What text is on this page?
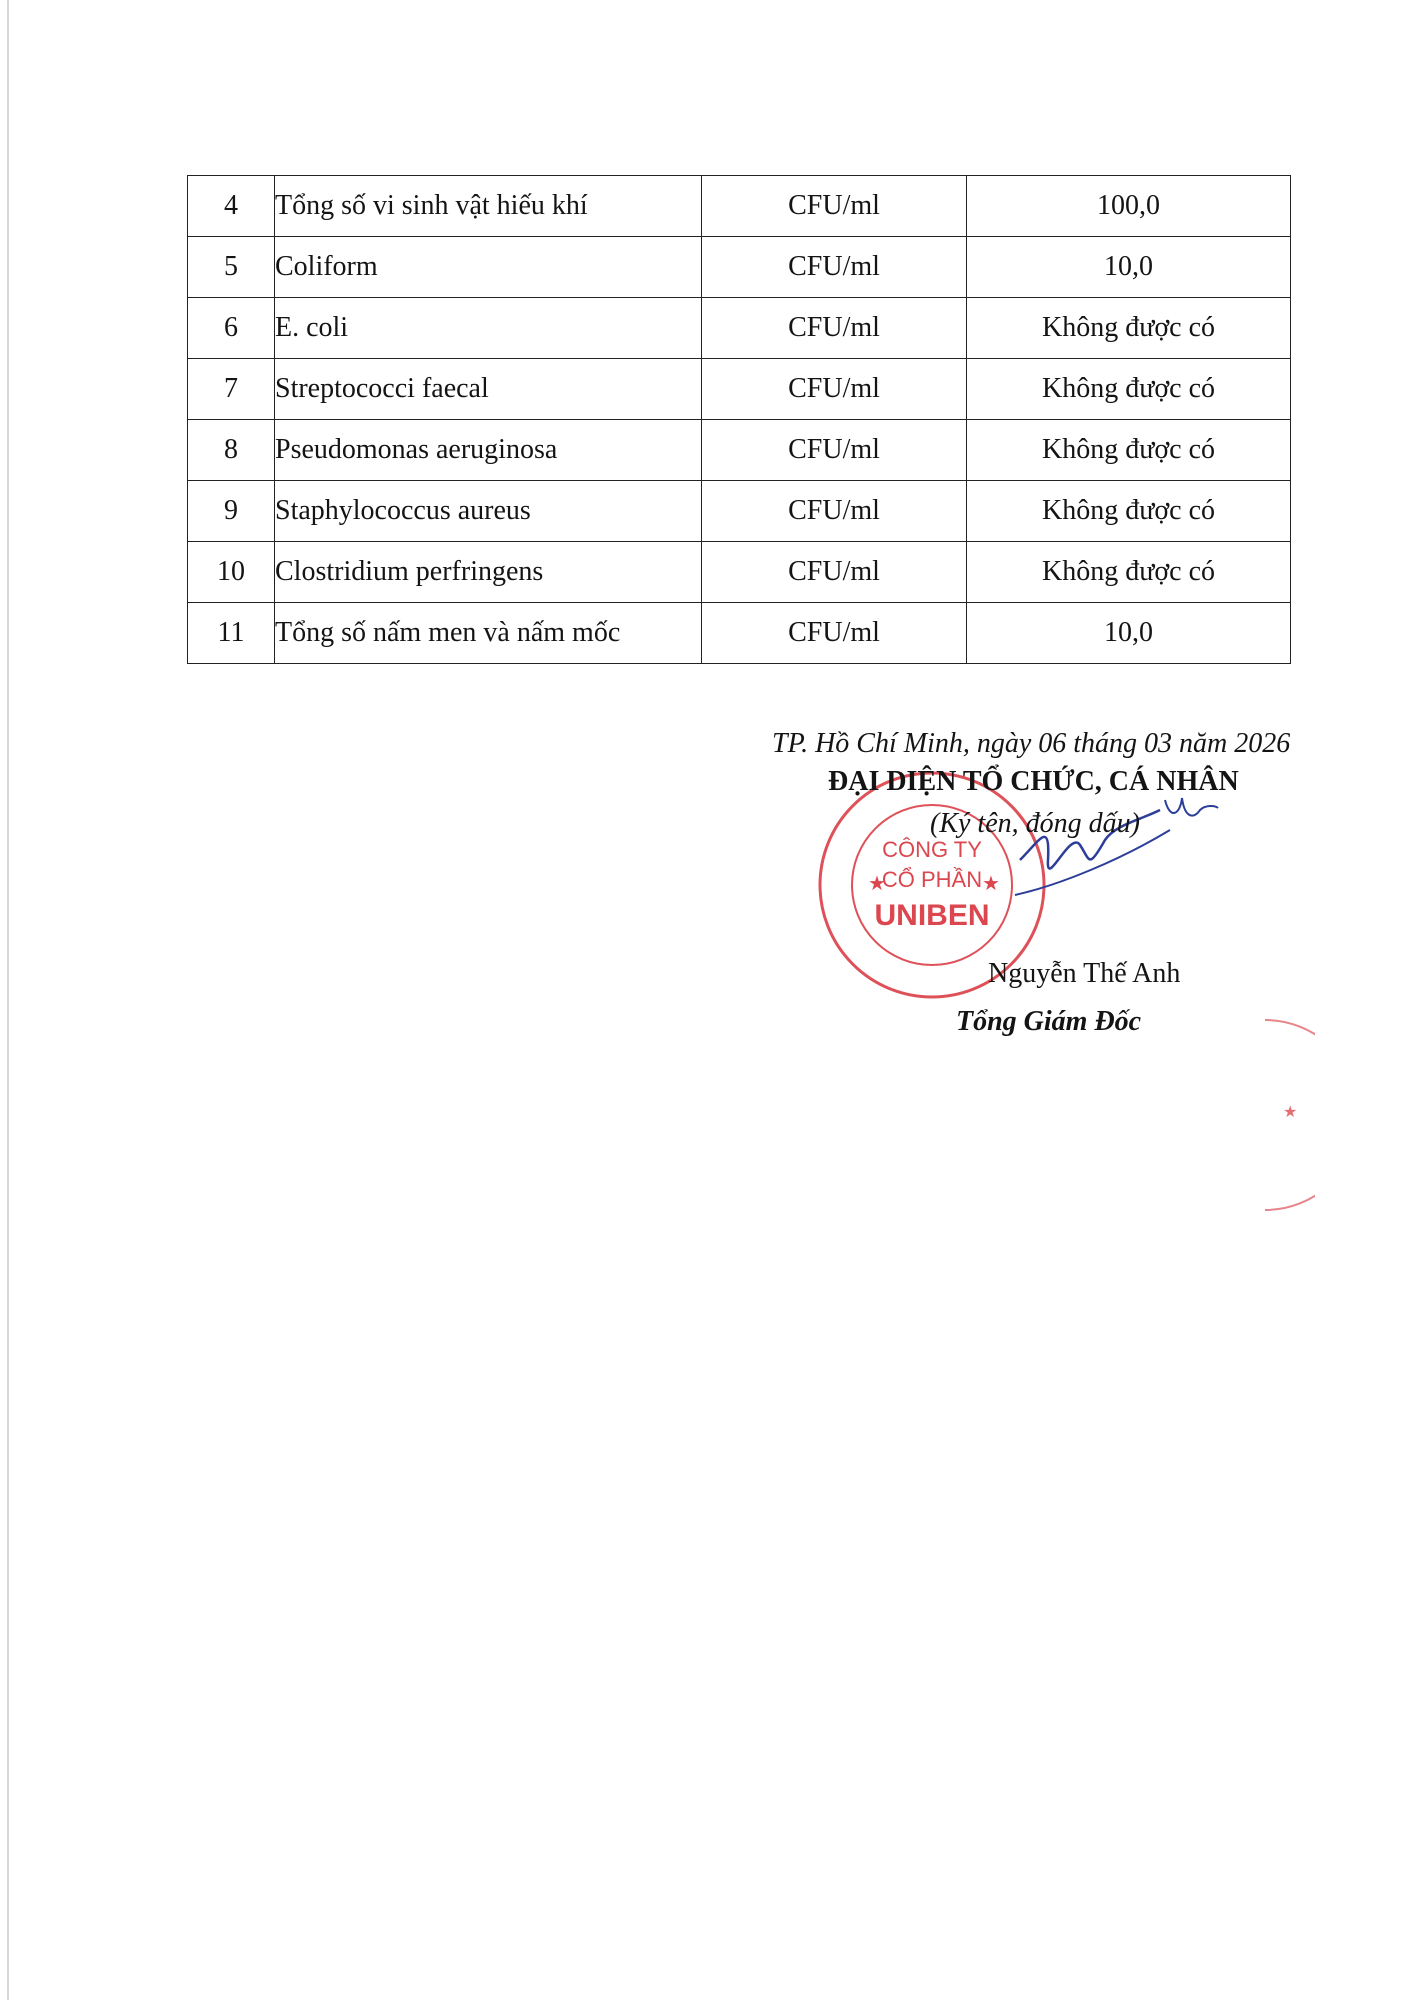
4	Tổng số vi sinh vật hiếu khí	CFU/ml	100,0
5	Coliform	CFU/ml	10,0
6	E. coli	CFU/ml	Không được có
7	Streptococci faecal	CFU/ml	Không được có
8	Pseudomonas aeruginosa	CFU/ml	Không được có
9	Staphylococcus aureus	CFU/ml	Không được có
10	Clostridium perfringens	CFU/ml	Không được có
11	Tổng số nấm men và nấm mốc	CFU/ml	10,0
★	★
CÔNG TY
CỔ PHẦN
UNIBEN
★
TP. Hồ Chí Minh, ngày 06 tháng 03 năm 2026
ĐẠI DIỆN TỔ CHỨC, CÁ NHÂN
(Ký tên, đóng dấu)
Nguyễn Thế Anh
Tổng Giám Đốc
